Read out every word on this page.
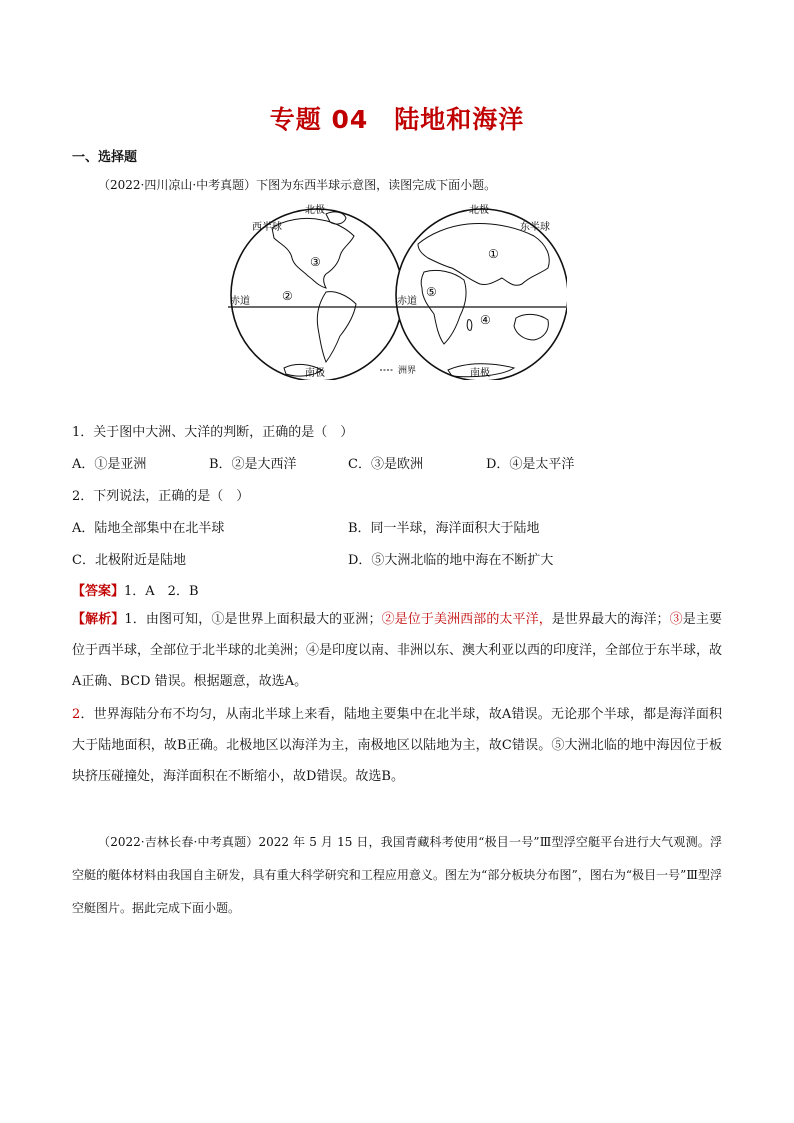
专题 04　陆地和海洋
一、选择题
（2022·四川凉山·中考真题）下图为东西半球示意图，读图完成下面小题。
北极	北极
西半球	东半球
赤道	赤道
南极	南极
洲界
①
②
③
④
⑤
1．关于图中大洲、大洋的判断，正确的是（　）
A．①是亚洲	B．②是大西洋	C．③是欧洲	D．④是太平洋
2．下列说法，正确的是（　）
A．陆地全部集中在北半球	B．同一半球，海洋面积大于陆地
C．北极附近是陆地	D．⑤大洲北临的地中海在不断扩大
【答案】1．A　2．B
【解析】1．由图可知，①是世界上面积最大的亚洲；②是位于美洲西部的太平洋，是世界最大的海洋；③是主要位于西半球，全部位于北半球的北美洲；④是印度以南、非洲以东、澳大利亚以西的印度洋，全部位于东半球，故A正确、BCD 错误。根据题意，故选A。
2．世界海陆分布不均匀，从南北半球上来看，陆地主要集中在北半球，故A错误。无论那个半球，都是海洋面积大于陆地面积，故B正确。北极地区以海洋为主，南极地区以陆地为主，故C错误。⑤大洲北临的地中海因位于板块挤压碰撞处，海洋面积在不断缩小，故D错误。故选B。
（2022·吉林长春·中考真题）2022 年 5 月 15 日，我国青藏科考使用“极目一号”Ⅲ型浮空艇平台进行大气观测。浮空艇的艇体材料由我国自主研发，具有重大科学研究和工程应用意义。图左为“部分板块分布图”，图右为“极目一号”Ⅲ型浮空艇图片。据此完成下面小题。
